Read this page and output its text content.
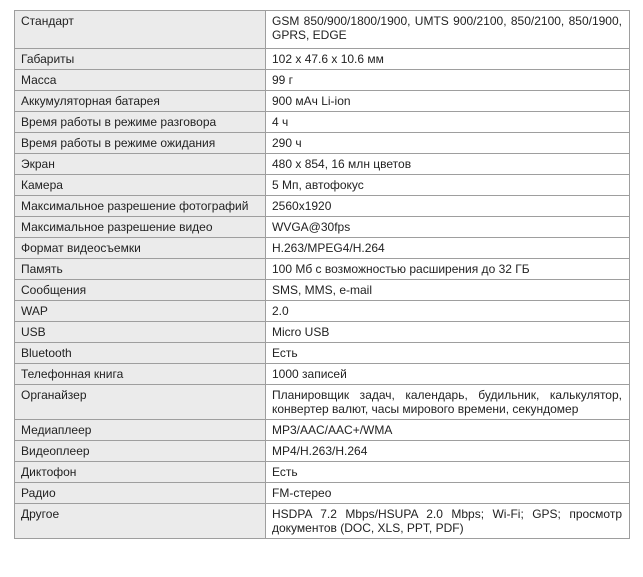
Стандарт	GSM 850/900/1800/1900, UMTS 900/2100, 850/2100, 850/1900, GPRS, EDGE
Габариты	102 x 47.6 x 10.6 мм
Масса	99 г
Аккумуляторная батарея	900 мАч Li-ion
Время работы в режиме разговора	4 ч
Время работы в режиме ожидания	290 ч
Экран	480 x 854, 16 млн цветов
Камера	5 Мп, автофокус
Максимальное разрешение фотографий	2560x1920
Максимальное разрешение видео	WVGA@30fps
Формат видеосъемки	H.263/MPEG4/H.264
Память	100 Мб с возможностью расширения до 32 ГБ
Сообщения	SMS, MMS, e-mail
WAP	2.0
USB	Micro USB
Bluetooth	Есть
Телефонная книга	1000 записей
Органайзер	Планировщик задач, календарь, будильник, калькулятор, конвертер валют, часы мирового времени, секундомер
Медиаплеер	MP3/AAC/AAC+/WMA
Видеоплеер	MP4/H.263/H.264
Диктофон	Есть
Радио	FM-стерео
Другое	HSDPA 7.2 Mbps/HSUPA 2.0 Mbps; Wi-Fi; GPS; просмотр документов (DOC, XLS, PPT, PDF)
